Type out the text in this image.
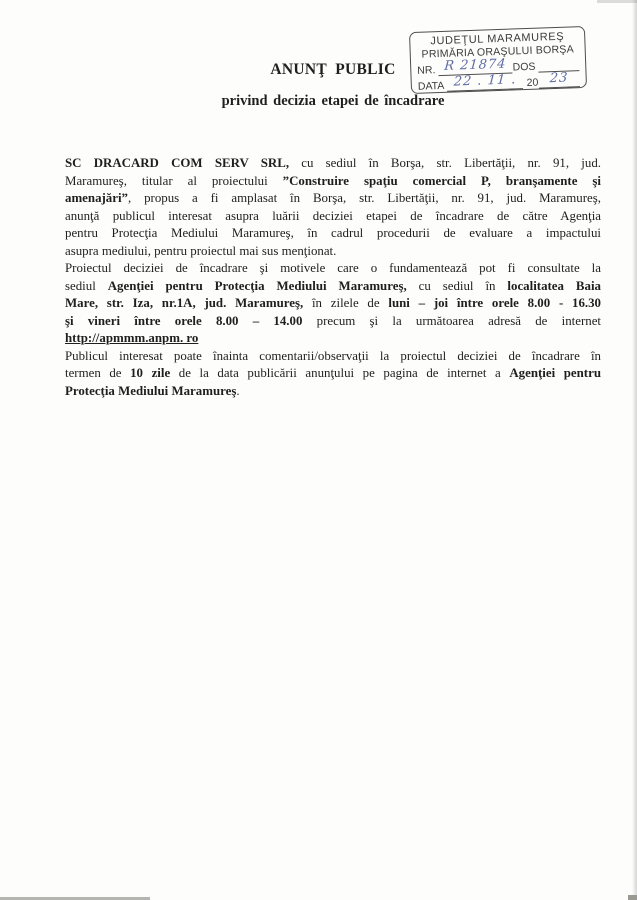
JUDEŢUL MARAMUREŞ
PRIMĂRIA ORAŞULUI BORŞA
NR. R 21874 DOS
DATA 22 . 11 . 20 23
ANUNŢ PUBLIC
privind decizia etapei de încadrare
SC DRACARD COM SERV SRL, cu sediul în Borşa, str. Libertăţii, nr. 91, jud.
Maramureş, titular al proiectului ”Construire spaţiu comercial P, branşamente şi
amenajări”, propus a fi amplasat în Borşa, str. Libertăţii, nr. 91, jud. Maramureş,
anunţă publicul interesat asupra luării deciziei etapei de încadrare de către Agenţia
pentru Protecţia Mediului Maramureş, în cadrul procedurii de evaluare a impactului
asupra mediului, pentru proiectul mai sus menţionat.
Proiectul deciziei de încadrare şi motivele care o fundamentează pot fi consultate la
sediul Agenţiei pentru Protecţia Mediului Maramureş, cu sediul în localitatea Baia
Mare, str. Iza, nr.1A, jud. Maramureş, în zilele de luni – joi între orele 8.00 - 16.30
şi vineri între orele 8.00 – 14.00 precum şi la următoarea adresă de internet
http://apmmm.anpm. ro
Publicul interesat poate înainta comentarii/observaţii la proiectul deciziei de încadrare în
termen de 10 zile de la data publicării anunţului pe pagina de internet a Agenţiei pentru
Protecţia Mediului Maramureş.
